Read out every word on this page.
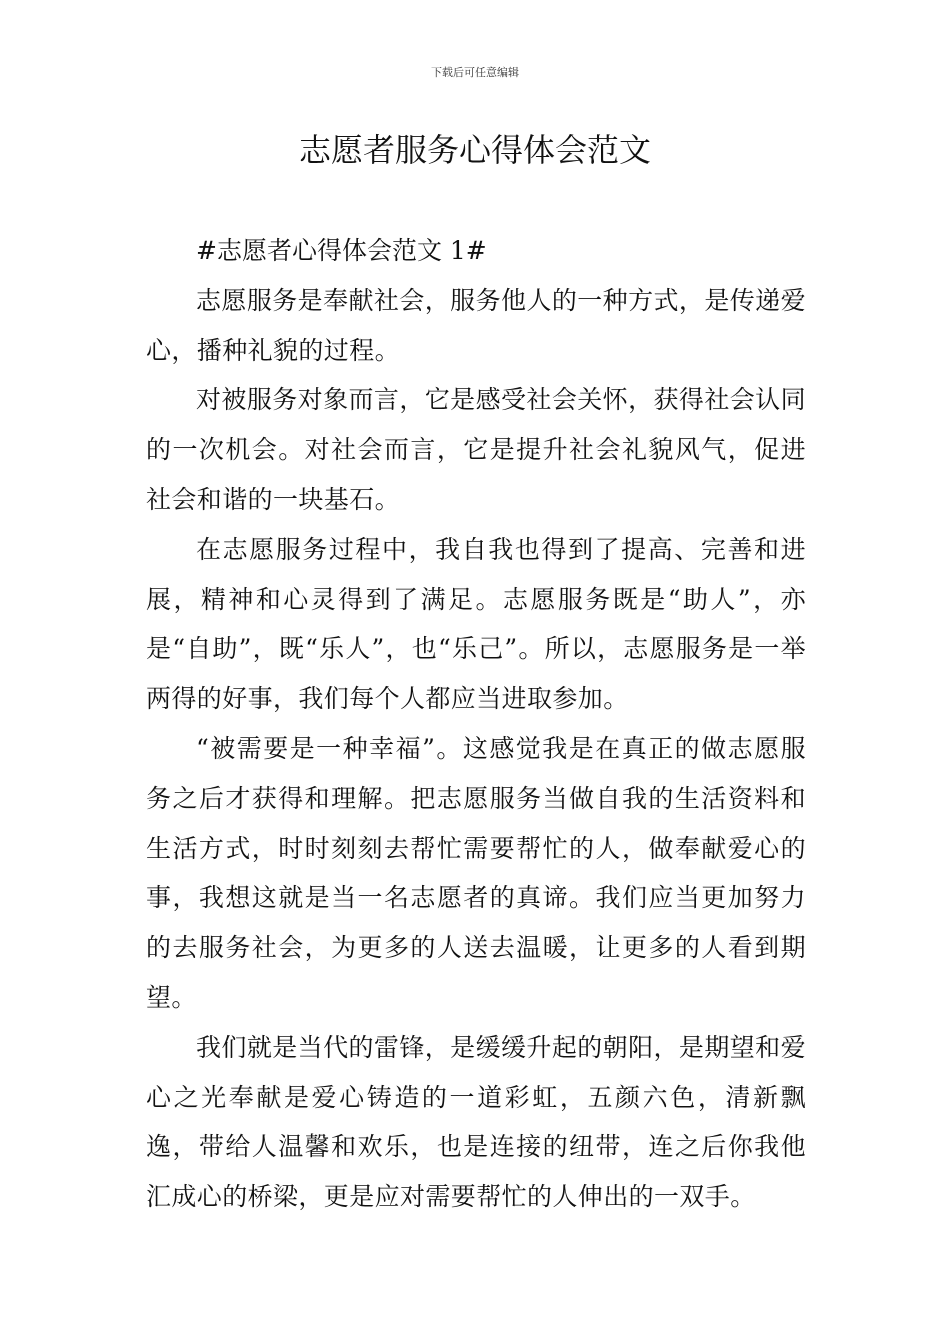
下载后可任意编辑
志愿者服务心得体会范文

#志愿者心得体会范文 1#

志愿服务是奉献社会，服务他人的一种方式，是传递爱心，播种礼貌的过程。

对被服务对象而言，它是感受社会关怀，获得社会认同的一次机会。对社会而言，它是提升社会礼貌风气，促进社会和谐的一块基石。

在志愿服务过程中，我自我也得到了提高、完善和进展，精神和心灵得到了满足。志愿服务既是“助人”，亦是“自助”，既“乐人”，也“乐己”。所以，志愿服务是一举两得的好事，我们每个人都应当进取参加。

“被需要是一种幸福”。这感觉我是在真正的做志愿服务之后才获得和理解。把志愿服务当做自我的生活资料和生活方式，时时刻刻去帮忙需要帮忙的人，做奉献爱心的事，我想这就是当一名志愿者的真谛。我们应当更加努力的去服务社会，为更多的人送去温暖，让更多的人看到期望。

我们就是当代的雷锋，是缓缓升起的朝阳，是期望和爱心之光奉献是爱心铸造的一道彩虹，五颜六色，清新飘逸，带给人温馨和欢乐，也是连接的纽带，连之后你我他汇成心的桥梁，更是应对需要帮忙的人伸出的一双手。
